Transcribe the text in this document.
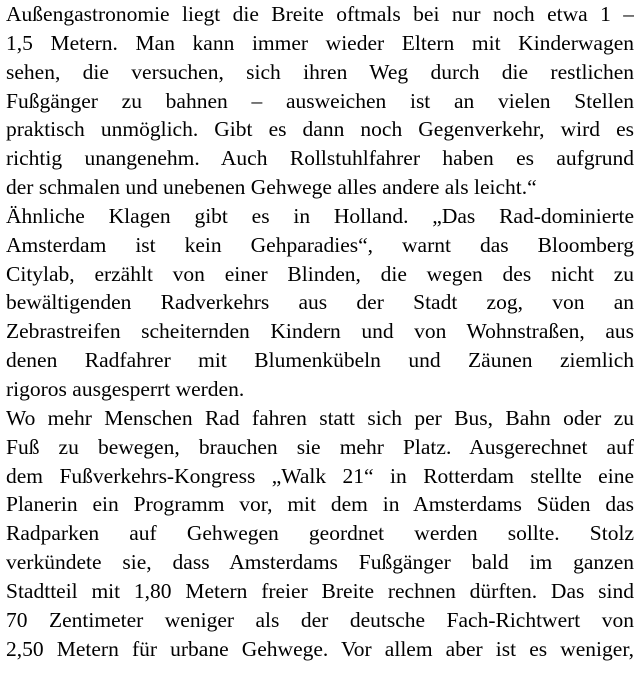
Außengastronomie liegt die Breite oftmals bei nur noch etwa 1 –
1,5 Metern. Man kann immer wieder Eltern mit Kinderwagen
sehen, die versuchen, sich ihren Weg durch die restlichen
Fußgänger zu bahnen – ausweichen ist an vielen Stellen
praktisch unmöglich. Gibt es dann noch Gegenverkehr, wird es
richtig unangenehm. Auch Rollstuhlfahrer haben es aufgrund
der schmalen und unebenen Gehwege alles andere als leicht.“
Ähnliche Klagen gibt es in Holland. „Das Rad-dominierte
Amsterdam ist kein Gehparadies“, warnt das Bloomberg
Citylab, erzählt von einer Blinden, die wegen des nicht zu
bewältigenden Radverkehrs aus der Stadt zog, von an
Zebrastreifen scheiternden Kindern und von Wohnstraßen, aus
denen Radfahrer mit Blumenkübeln und Zäunen ziemlich
rigoros ausgesperrt werden.
Wo mehr Menschen Rad fahren statt sich per Bus, Bahn oder zu
Fuß zu bewegen, brauchen sie mehr Platz. Ausgerechnet auf
dem Fußverkehrs-Kongress „Walk 21“ in Rotterdam stellte eine
Planerin ein Programm vor, mit dem in Amsterdams Süden das
Radparken auf Gehwegen geordnet werden sollte. Stolz
verkündete sie, dass Amsterdams Fußgänger bald im ganzen
Stadtteil mit 1,80 Metern freier Breite rechnen dürften. Das sind
70 Zentimeter weniger als der deutsche Fach-Richtwert von
2,50 Metern für urbane Gehwege. Vor allem aber ist es weniger,
